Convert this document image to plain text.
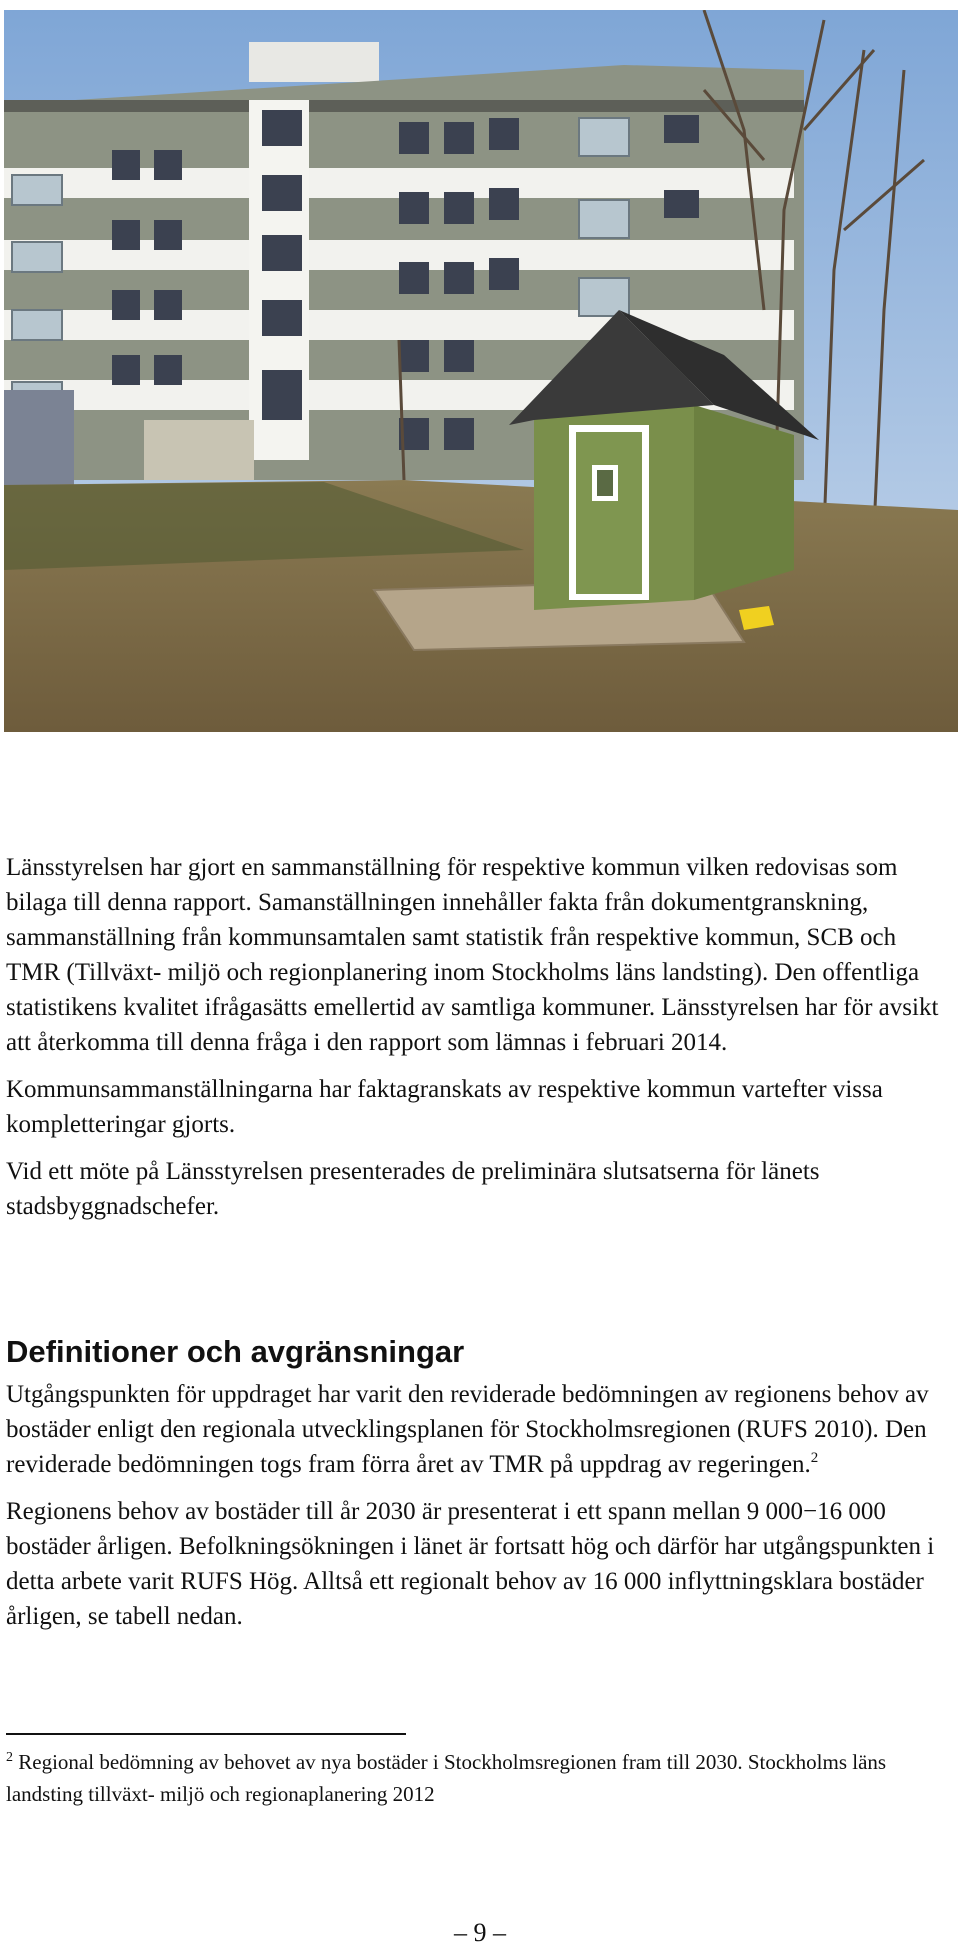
Länsstyrelsen har gjort en sammanställning för respektive kommun vilken redovisas som bilaga till denna rapport. Samanställningen innehåller fakta från dokumentgranskning, sammanställning från kommunsamtalen samt statistik från respektive kommun, SCB och TMR (Tillväxt- miljö och regionplanering inom Stockholms läns landsting). Den offentliga statistikens kvalitet ifrågasätts emellertid av samtliga kommuner. Länsstyrelsen har för avsikt att återkomma till denna fråga i den rapport som lämnas i februari 2014.

Kommunsammanställningarna har faktagranskats av respektive kommun vartefter vissa kompletteringar gjorts.

Vid ett möte på Länsstyrelsen presenterades de preliminära slutsatserna för länets stadsbyggnadschefer.

Definitioner och avgränsningar

Utgångspunkten för uppdraget har varit den reviderade bedömningen av regionens behov av bostäder enligt den regionala utvecklingsplanen för Stockholmsregionen (RUFS 2010). Den reviderade bedömningen togs fram förra året av TMR på uppdrag av regeringen.$^2$

Regionens behov av bostäder till år 2030 är presenterat i ett spann mellan 9 000−16 000 bostäder årligen. Befolkningsökningen i länet är fortsatt hög och därför har utgångspunkten i detta arbete varit RUFS Hög. Alltså ett regionalt behov av 16 000 inflyttningsklara bostäder årligen, se tabell nedan.

$^2$ Regional bedömning av behovet av nya bostäder i Stockholmsregionen fram till 2030. Stockholms läns landsting tillväxt- miljö och regionaplanering 2012

– 9 –
